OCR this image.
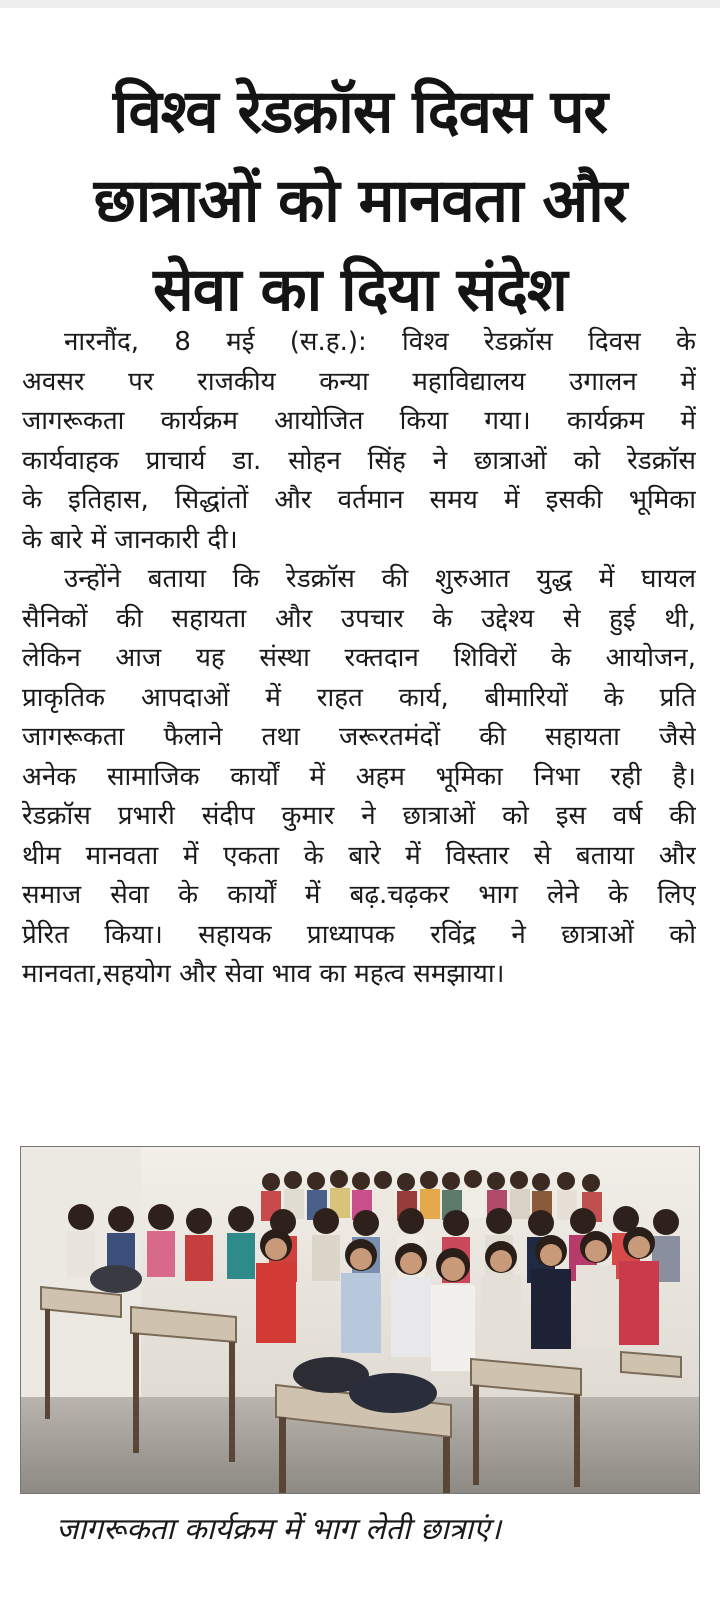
विश्व रेडक्रॉस दिवस पर
छात्राओं को मानवता और
सेवा का दिया संदेश
नारनौंद, 8 मई (स.ह.): विश्व रेडक्रॉस दिवस के
अवसर पर राजकीय कन्या महाविद्यालय उगालन में
जागरूकता कार्यक्रम आयोजित किया गया। कार्यक्रम में
कार्यवाहक प्राचार्य डा. सोहन सिंह ने छात्राओं को रेडक्रॉस
के इतिहास, सिद्धांतों और वर्तमान समय में इसकी भूमिका
के बारे में जानकारी दी।
उन्होंने बताया कि रेडक्रॉस की शुरुआत युद्ध में घायल
सैनिकों की सहायता और उपचार के उद्देश्य से हुई थी,
लेकिन आज यह संस्था रक्तदान शिविरों के आयोजन,
प्राकृतिक आपदाओं में राहत कार्य, बीमारियों के प्रति
जागरूकता फैलाने तथा जरूरतमंदों की सहायता जैसे
अनेक सामाजिक कार्यों में अहम भूमिका निभा रही है।
रेडक्रॉस प्रभारी संदीप कुमार ने छात्राओं को इस वर्ष की
थीम मानवता में एकता के बारे में विस्तार से बताया और
समाज सेवा के कार्यों में बढ़.चढ़कर भाग लेने के लिए
प्रेरित किया। सहायक प्राध्यापक रविंद्र ने छात्राओं को
मानवता,सहयोग और सेवा भाव का महत्व समझाया।
जागरूकता कार्यक्रम में भाग लेती छात्राएं।
